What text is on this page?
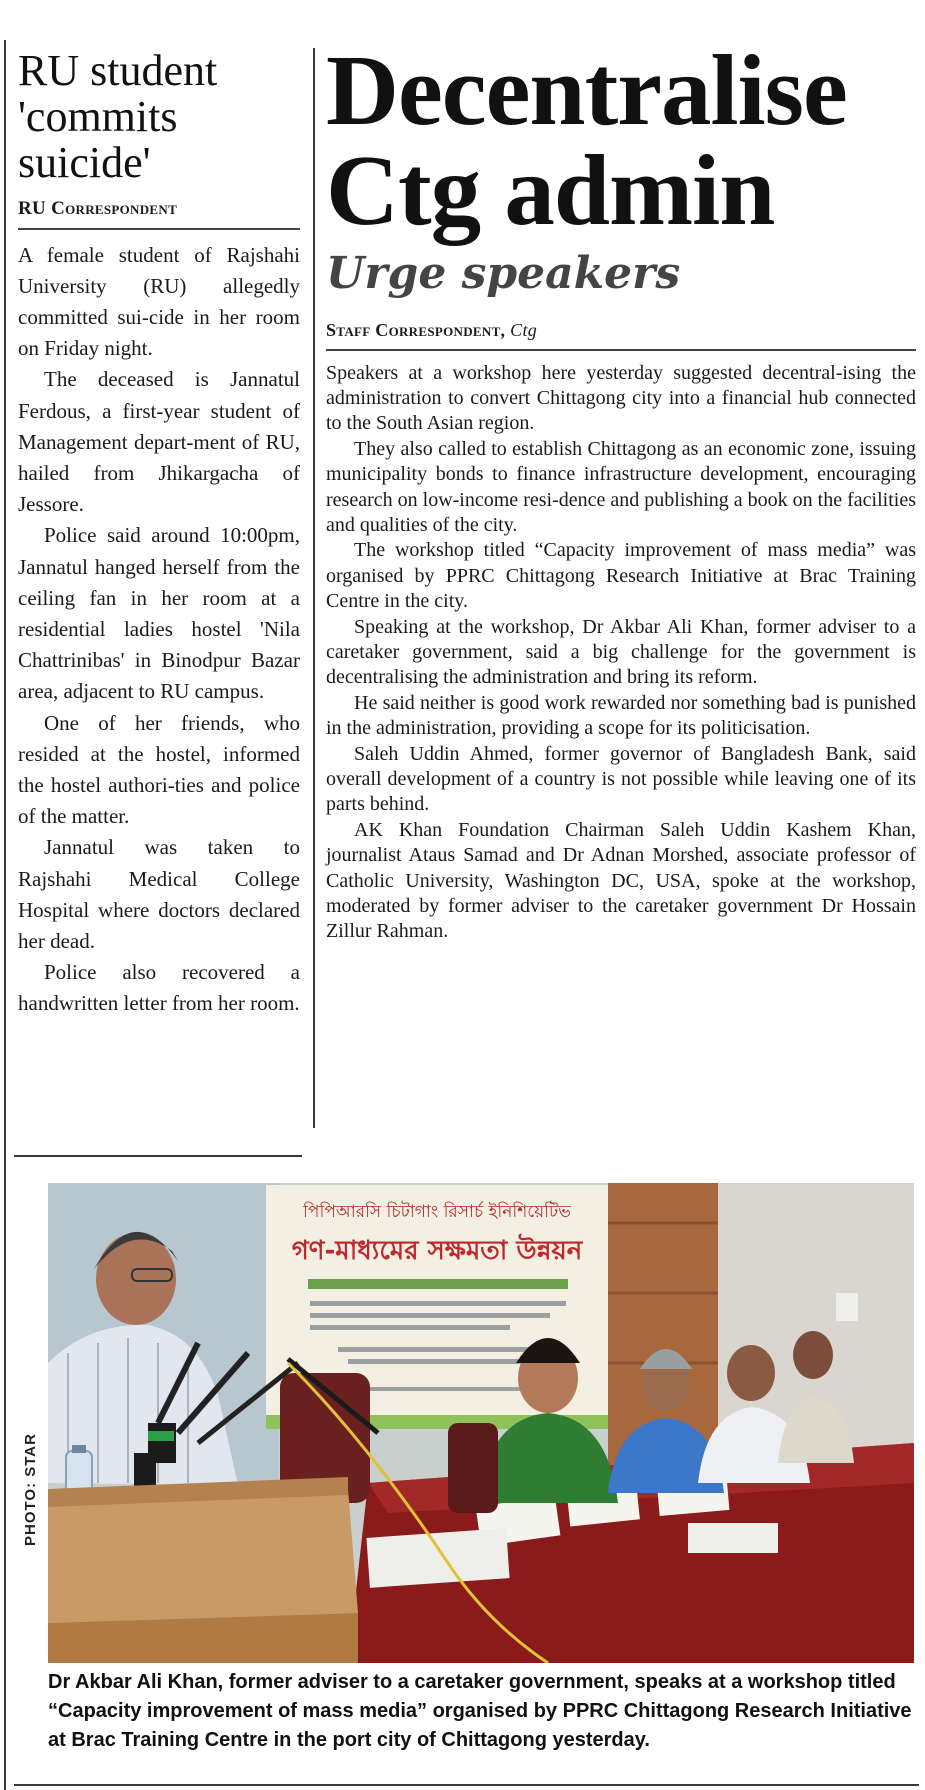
RU student 'commits suicide'
RU Correspondent

A female student of Rajshahi University (RU) allegedly committed sui-cide in her room on Friday night.

The deceased is Jannatul Ferdous, a first-year student of Management depart-ment of RU, hailed from Jhikargacha of Jessore.

Police said around 10:00pm, Jannatul hanged herself from the ceiling fan in her room at a residential ladies hostel 'Nila Chattrinibas' in Binodpur Bazar area, adjacent to RU campus.

One of her friends, who resided at the hostel, informed the hostel authori-ties and police of the matter.

Jannatul was taken to Rajshahi Medical College Hospital where doctors declared her dead.

Police also recovered a handwritten letter from her room.

Decentralise Ctg admin
Urge speakers
Staff Correspondent, Ctg

Speakers at a workshop here yesterday suggested decentral-ising the administration to convert Chittagong city into a financial hub connected to the South Asian region.

They also called to establish Chittagong as an economic zone, issuing municipality bonds to finance infrastructure development, encouraging research on low-income resi-dence and publishing a book on the facilities and qualities of the city.

The workshop titled “Capacity improvement of mass media” was organised by PPRC Chittagong Research Initiative at Brac Training Centre in the city.

Speaking at the workshop, Dr Akbar Ali Khan, former adviser to a caretaker government, said a big challenge for the government is decentralising the administration and bring its reform.

He said neither is good work rewarded nor something bad is punished in the administration, providing a scope for its politicisation.

Saleh Uddin Ahmed, former governor of Bangladesh Bank, said overall development of a country is not possible while leaving one of its parts behind.

AK Khan Foundation Chairman Saleh Uddin Kashem Khan, journalist Ataus Samad and Dr Adnan Morshed, associate professor of Catholic University, Washington DC, USA, spoke at the workshop, moderated by former adviser to the caretaker government Dr Hossain Zillur Rahman.

পিপিআরসি চিটাগাং রিসার্চ ইনিশিয়েটিভ
গণ-মাধ্যমের সক্ষমতা উন্নয়ন
PHOTO: STAR

Dr Akbar Ali Khan, former adviser to a caretaker government, speaks at a workshop titled “Capacity improvement of mass media” organised by PPRC Chittagong Research Initiative at Brac Training Centre in the port city of Chittagong yesterday.
